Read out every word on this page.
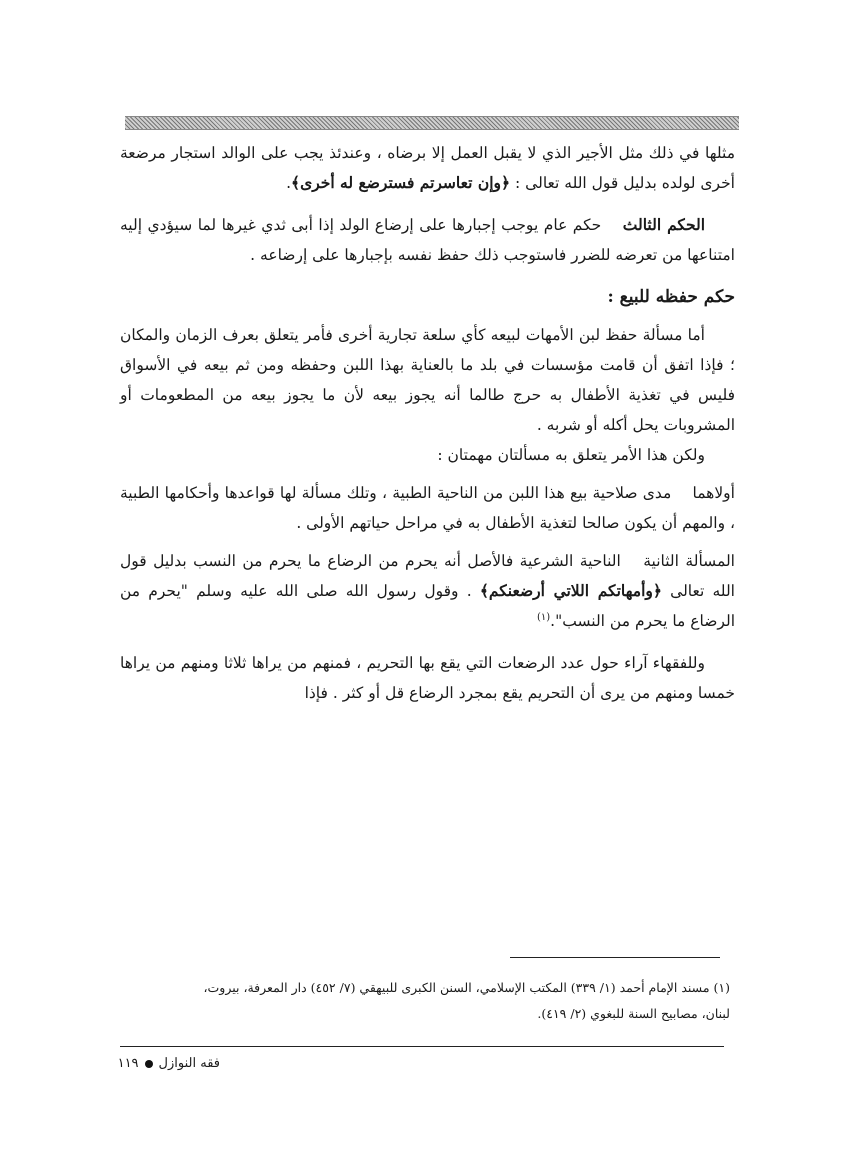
مثلها في ذلك مثل الأجير الذي لا يقبل العمل إلا برضاه ، وعندئذ يجب على الوالد استجار مرضعة أخرى لولده بدليل قول الله تعالى : ﴿وإن تعاسرتم فسترضع له أخرى﴾.

الحكم الثالث حكم عام يوجب إجبارها على إرضاع الولد إذا أبى ثدي غيرها لما سيؤدي إليه امتناعها من تعرضه للضرر فاستوجب ذلك حفظ نفسه بإجبارها على إرضاعه .

حكم حفظه للبيع :

أما مسألة حفظ لبن الأمهات لبيعه كأي سلعة تجارية أخرى فأمر يتعلق بعرف الزمان والمكان ؛ فإذا اتفق أن قامت مؤسسات في بلد ما بالعناية بهذا اللبن وحفظه ومن ثم بيعه في الأسواق فليس في تغذية الأطفال به حرج طالما أنه يجوز بيعه لأن ما يجوز بيعه من المطعومات أو المشروبات يحل أكله أو شربه .

ولكن هذا الأمر يتعلق به مسألتان مهمتان :

أولاهما مدى صلاحية بيع هذا اللبن من الناحية الطبية ، وتلك مسألة لها قواعدها وأحكامها الطبية ، والمهم أن يكون صالحا لتغذية الأطفال به في مراحل حياتهم الأولى .

المسألة الثانية الناحية الشرعية فالأصل أنه يحرم من الرضاع ما يحرم من النسب بدليل قول الله تعالى ﴿وأمهاتكم اللاتي أرضعنكم﴾ . وقول رسول الله صلى الله عليه وسلم "يحرم من الرضاع ما يحرم من النسب".$^{(١)}$

وللفقهاء آراء حول عدد الرضعات التي يقع بها التحريم ، فمنهم من يراها ثلاثا ومنهم من يراها خمسا ومنهم من يرى أن التحريم يقع بمجرد الرضاع قل أو كثر . فإذا

(١) مسند الإمام أحمد (١/ ٣٣٩) المكتب الإسلامي، السنن الكبرى للبيهقي (٧/ ٤٥٢) دار المعرفة، بيروت،

لبنان، مصابيح السنة للبغوي (٢/ ٤١٩).

فقه النوازل١١٩
